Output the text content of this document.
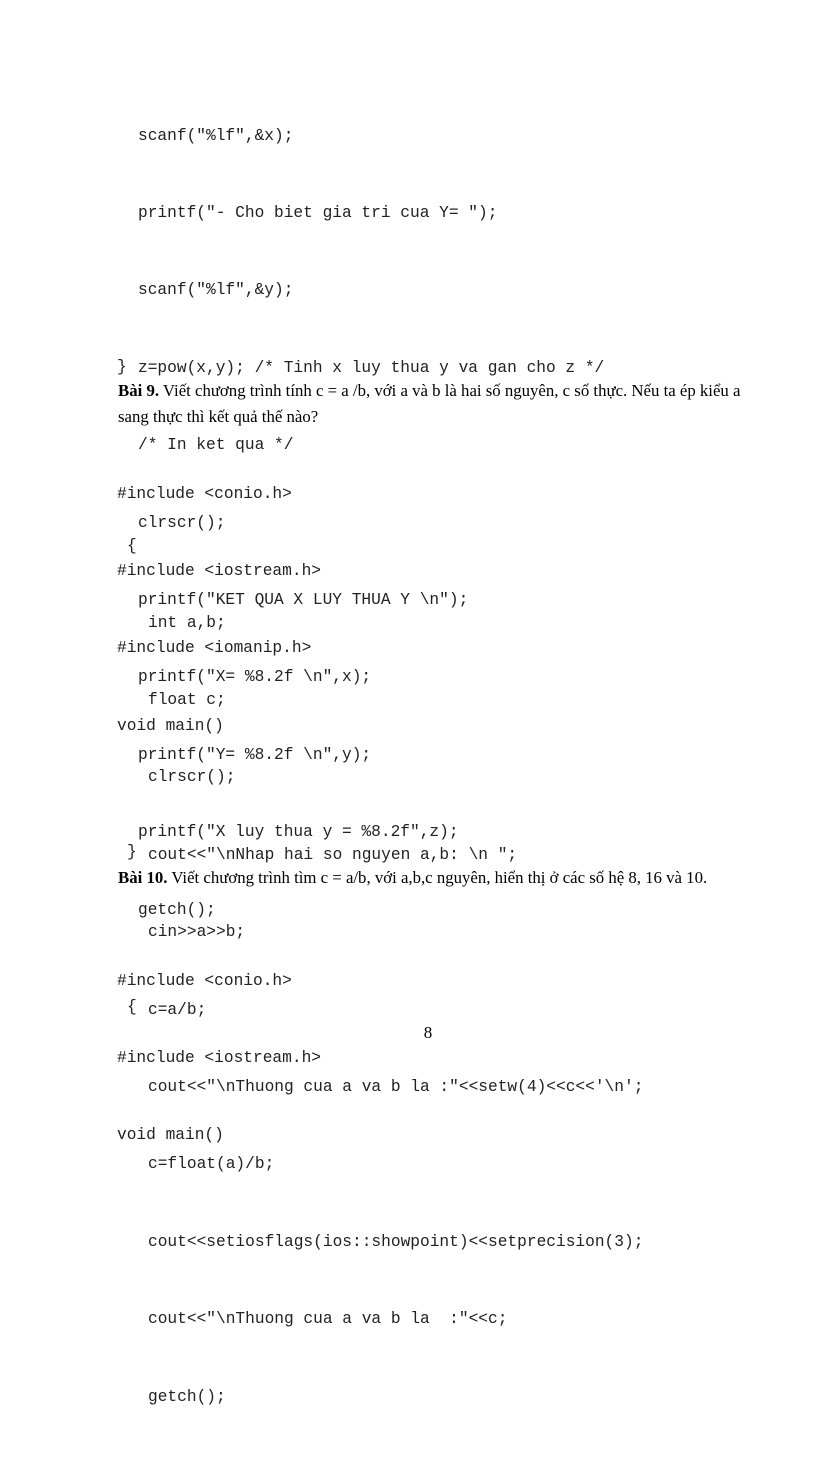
scanf("%lf",&x);

printf("- Cho biet gia tri cua Y= ");

scanf("%lf",&y);

z=pow(x,y); /* Tinh x luy thua y va gan cho z */

/* In ket qua */

clrscr();

printf("KET QUA X LUY THUA Y \n");

printf("X= %8.2f \n",x);

printf("Y= %8.2f \n",y);

printf("X luy thua y = %8.2f",z);

getch();

}
Bài 9. Viết chương trình tính c = a /b, với a và b là hai số nguyên, c số thực. Nếu ta ép kiểu a sang thực thì kết quả thế nào?

#include <conio.h>

#include <iostream.h>

#include <iomanip.h>

void main()

{

int a,b;

float c;

clrscr();

cout<<"\nNhap hai so nguyen a,b: \n ";

cin>>a>>b;

c=a/b;

cout<<"\nThuong cua a va b la :"<<setw(4)<<c<<'\n';

c=float(a)/b;

cout<<setiosflags(ios::showpoint)<<setprecision(3);

cout<<"\nThuong cua a va b la  :"<<c;

getch();

}
Bài 10. Viết chương trình tìm c = a/b, với a,b,c nguyên, hiển thị ở các số hệ 8, 16 và 10.

#include <conio.h>

#include <iostream.h>

void main()

{
8
